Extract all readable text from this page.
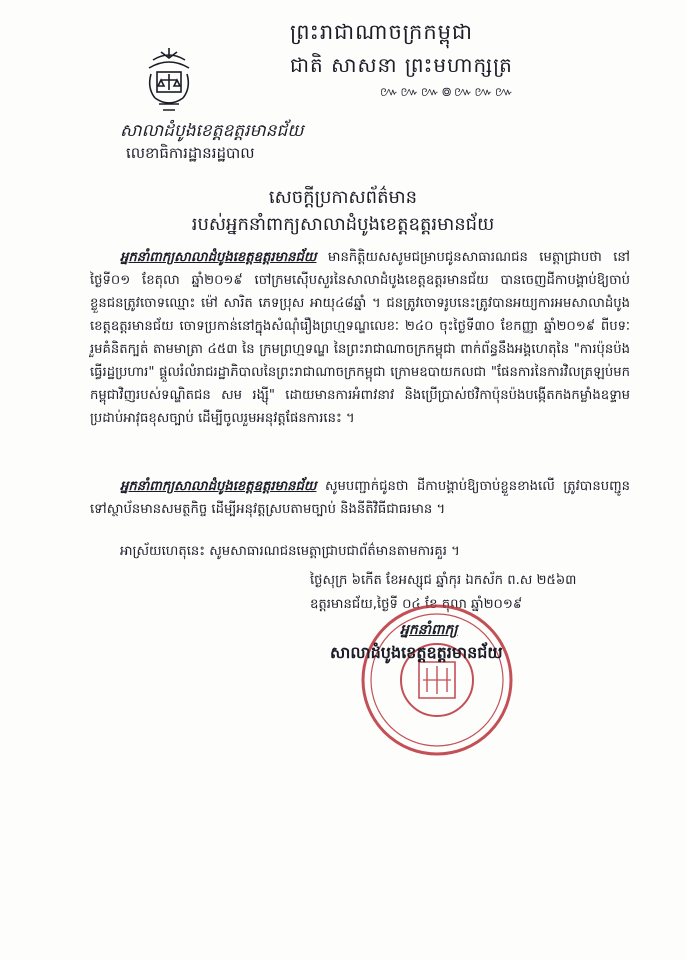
ព្រះរាជាណាចក្រកម្ពុជា
ជាតិ សាសនា ព្រះមហាក្សត្រ
៚៚៚៙៚៚៚
សាលាដំបូងខេត្តឧត្តរមានជ័យ
លេខាធិការដ្ឋានរដ្ឋបាល
សេចក្តីប្រកាសព័ត៌មាន
របស់អ្នកនាំពាក្យសាលាដំបូងខេត្តឧត្តរមានជ័យ
អ្នកនាំពាក្យសាលាដំបូងខេត្តឧត្តរមានជ័យ មានកិត្តិយសសូមជម្រាបជូនសាធារណជន មេត្តាជ្រាបថា នៅថ្ងៃទី០១ ខែតុលា ឆ្នាំ២០១៩ ចៅក្រមស៊ើបសួរនៃសាលាដំបូងខេត្តឧត្តរមានជ័យ បានចេញដីកាបង្គាប់ឱ្យចាប់ខ្លួនជនត្រូវចោទឈ្មោះ ម៉ៅ សារិត ភេទប្រុស អាយុ៤៨ឆ្នាំ ។ ជនត្រូវចោទរូបនេះត្រូវបានអយ្យការអមសាលាដំបូងខេត្តឧត្តរមានជ័យ ចោទប្រកាន់នៅក្នុងសំណុំរឿងព្រហ្មទណ្ឌលេខៈ ២៤០ ចុះថ្ងៃទី៣០ ខែកញ្ញា ឆ្នាំ២០១៩ ពីបទៈ រួមគំនិតក្បត់ តាមមាត្រា ៤៥៣ នៃ ក្រមព្រហ្មទណ្ឌ នៃព្រះរាជាណាចក្រកម្ពុជា ពាក់ព័ន្ធនឹងអង្គហេតុនៃ "ការប៉ុនប៉ងធ្វើរដ្ឋប្រហារ" ផ្តួលរំលំរាជរដ្ឋាភិបាលនៃព្រះរាជាណាចក្រកម្ពុជា ក្រោមឧបាយកលជា "ផែនការនៃការវិលត្រឡប់មកកម្ពុជាវិញរបស់ទណ្ឌិតជន សម រង្ស៊ី" ដោយមានការអំពាវនាវ និងប្រើប្រាស់ថវិកាប៉ុនប៉ងបង្កើតកងកម្លាំងឧទ្ទាមប្រដាប់អាវុធខុសច្បាប់ ដើម្បីចូលរួមអនុវត្តផែនការនេះ ។
អ្នកនាំពាក្យសាលាដំបូងខេត្តឧត្តរមានជ័យ សូមបញ្ជាក់ជូនថា ដីកាបង្គាប់ឱ្យចាប់ខ្លួនខាងលើ ត្រូវបានបញ្ជូនទៅស្ថាប័នមានសមត្ថកិច្ច ដើម្បីអនុវត្តស្របតាមច្បាប់ និងនីតិវិធីជាធរមាន ។
អាស្រ័យហេតុនេះ សូមសាធារណជនមេត្តាជ្រាបជាព័ត៌មានតាមការគួរ ។
ថ្ងៃសុក្រ ៦កើត ខែអស្សុជ ឆ្នាំកុរ ឯកស័ក ព.ស ២៥៦៣
ឧត្តរមានជ័យ,ថ្ងៃទី ០៤ ខែ តុលា ឆ្នាំ២០១៩
អ្នកនាំពាក្យ
សាលាដំបូងខេត្តឧត្តរមានជ័យ
